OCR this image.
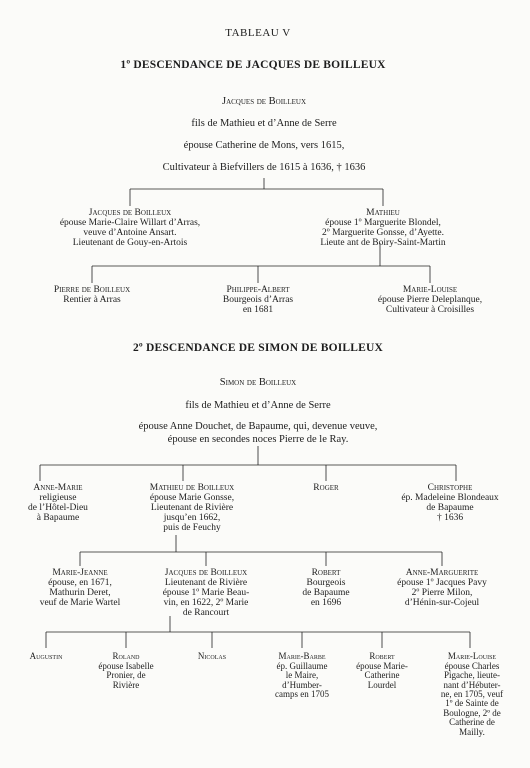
TABLEAU V
1º DESCENDANCE DE JACQUES DE BOILLEUX
Jacques de Boilleux
fils de Mathieu et d’Anne de Serre
épouse Catherine de Mons, vers 1615,
Cultivateur à Biefvillers de 1615 à 1636, † 1636
Jacques de Boilleux
épouse Marie-Claire Willart d’Arras,
veuve d’Antoine Ansart.
Lieutenant de Gouy-en-Artois
Mathieu
épouse 1º Marguerite Blondel,
2º Marguerite Gonsse, d’Ayette.
Lieute ant de Boiry-Saint-Martin
Pierre de Boilleux
Rentier à Arras
Philippe-Albert
Bourgeois d’Arras
en 1681
Marie-Louise
épouse Pierre Deleplanque,
Cultivateur à Croisilles
2º DESCENDANCE DE SIMON DE BOILLEUX
Simon de Boilleux
fils de Mathieu et d’Anne de Serre
épouse Anne Douchet, de Bapaume, qui, devenue veuve,
épouse en secondes noces Pierre de le Ray.
Anne-Marie
religieuse
de l’Hôtel-Dieu
à Bapaume
Mathieu de Boilleux
épouse Marie Gonsse,
Lieutenant de Rivière
jusqu’en 1662,
puis de Feuchy
Roger	Christophe
ép. Madeleine Blondeaux
de Bapaume
† 1636
Marie-Jeanne
épouse, en 1671,
Mathurin Deret,
veuf de Marie Wartel
Jacques de Boilleux
Lieutenant de Rivière
épouse 1º Marie Beau-
vin, en 1622, 2º Marie
de Rancourt
Robert
Bourgeois
de Bapaume
en 1696
Anne-Marguerite
épouse 1º Jacques Pavy
2º Pierre Milon,
d’Hénin-sur-Cojeul
Augustin	Roland
épouse Isabelle
Pronier, de
Rivière
Nicolas	Marie-Barbe
ép. Guillaume
le Maire,
d’Humber-
camps en 1705
Robert
épouse Marie-
Catherine
Lourdel
Marie-Louise
épouse Charles
Pigache, lieute-
nant d’Hébuter-
ne, en 1705, veuf
1º de Sainte de
Boulogne, 2º de
Catherine de
Mailly.
